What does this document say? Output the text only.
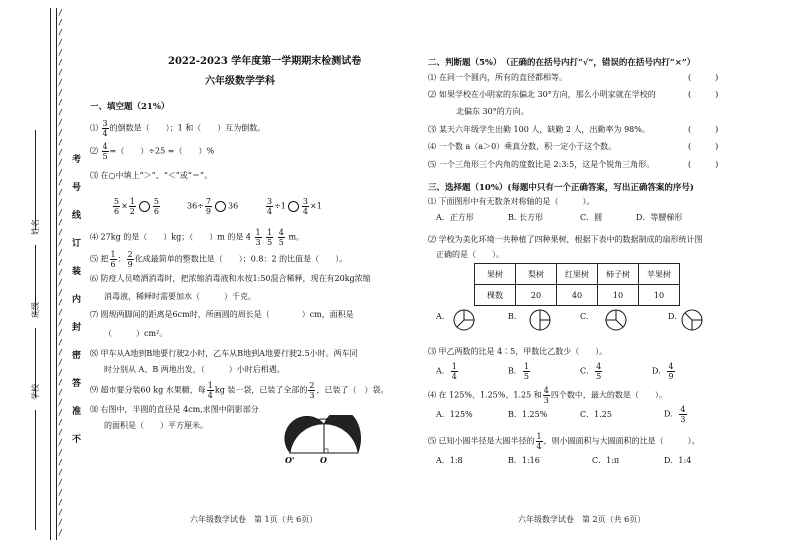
姓名
班级
学校
/
/
/
/
/
/
/
/
/
/
/
/
/
/
/
/
/
/
/
/
/
/
/
/
/
/
/
/
/
/
/
/
/
/
/
/
/
/
/
/
/
/
/
/
/
/
/
/
/
/
/
/
/

考
号
线
订
装
内
封
密
答
准
不
2022-2023 学年度第一学期期末检测试卷
六年级数学学科
一、填空题（21%）
⑴ $\frac{3}{4}$ 的倒数是（　　）；1 和（　　）互为倒数。
⑵ $\frac{4}{5}$ =（　　）÷25 =（　　）%
⑶ 在○中填上“＞”、“＜”或“＝”。
$\frac{5}{6} \times \frac{1}{2} \frac{5}{6}$	$36\div \frac{7}{9} 36$	$\frac{3}{4} \div 1 \frac{3}{4} \times 1$
⑷ 27kg 的是（　　）kg；（　　）m 的是 $4 \frac{1}{3}$
$\frac{1}{5}$
$\frac{4}{5}$ m。
⑸ 把 $\frac{1}{6}$ ： $\frac{2}{9}$ 化成最简单的整数比是（　　）；0.8：2 的比值是（　　）。
⑹ 防疫人员喷洒消毒时，把浓缩消毒液和水按1:50混合稀释，现在有20kg浓缩
消毒液，稀释时需要加水（　　　）千克。
⑺ 圆规两脚间的距离是6cm时，所画圆的周长是（　　　　）cm，面积是
（　　　）cm²。
⑻ 甲车从A地到B地要行驶2小时，乙车从B地到A地要行驶2.5小时。两车同
时分别从 A、B 两地出发，（　　　）小时后相遇。
⑼ 超市要分装60 kg 水果糖，每 $\frac{1}{4}$ kg 装一袋，已装了全部的 $\frac{2}{3}$ ，已装了（　）袋。
⑽ 右图中，半圆的直径是 4cm,求图中阴影部分
的面积是（　　）平方厘米。
O'	O
六年级数学试卷　第 1页（共 6页）
二、判断题（5%）　（正确的在括号内打“√”，错误的在括号内打“×”）
⑴ 在同一个圆内，所有的直径都相等。	(　　　)
⑵ 如果学校在小明家的东偏北 30°方向，那么小明家就在学校的	(　　　)
北偏东 30°的方向。
⑶ 某天六年级学生出勤 100 人，缺勤 2 人，出勤率为 98%。	(　　　)
⑷ 一个数 a（a＞0）乘真分数，积一定小于这个数。	(　　　)
⑸ 一个三角形三个内角的度数比是 2:3:5，这是个锐角三角形。	(　　　)
三、选择题（10%）(每题中只有一个正确答案，写出正确答案的序号)
⑴ 下面图形中有无数条对称轴的是（　　　）。
A．正方形	B. 长方形	C．圆	D．等腰梯形
⑵ 学校为美化环境一共种植了四种果树，根据下表中的数据制成的扇形统计图
正确的是（　　）。
果树	梨树	红果树	柿子树	苹果树
棵数	20	40	10	10
A.	B.	C.	D.
⑶ 甲乙两数的比是 4∶5，甲数比乙数少（　　）。
A． $\frac{1}{4}$	B． $\frac{1}{5}$	C． $\frac{4}{5}$	D． $\frac{4}{9}$
⑷ 在 125%、1.25%、1.25 和 $\frac{4}{3}$ 四个数中，最大的数是（　　）。
A．125%	B．1.25%	C．1.25	D． $\frac{4}{3}$
⑸ 已知小圆半径是大圆半径的 $\frac{1}{4}$ ，则小圆面积与大圆面积的比是（　　　）。
A．1:8	B．1:16	C．1:π	D．1:4
六年级数学试卷　第 2页（共 6页）
